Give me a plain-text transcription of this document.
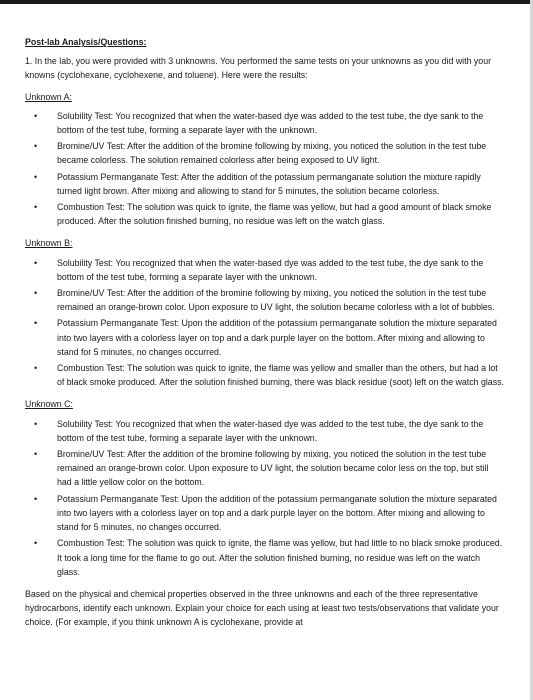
Post-lab Analysis/Questions:
1. In the lab, you were provided with 3 unknowns. You performed the same tests on your unknowns as you did with your knowns (cyclohexane, cyclohexene, and toluene). Here were the results:
Unknown A:
• Solubility Test: You recognized that when the water-based dye was added to the test tube, the dye sank to the bottom of the test tube, forming a separate layer with the unknown.
• Bromine/UV Test: After the addition of the bromine following by mixing, you noticed the solution in the test tube became colorless. The solution remained colorless after being exposed to UV light.
• Potassium Permanganate Test: After the addition of the potassium permanganate solution the mixture rapidly turned light brown. After mixing and allowing to stand for 5 minutes, the solution became colorless.
• Combustion Test: The solution was quick to ignite, the flame was yellow, but had a good amount of black smoke produced. After the solution finished burning, no residue was left on the watch glass.
Unknown B:
• Solubility Test: You recognized that when the water-based dye was added to the test tube, the dye sank to the bottom of the test tube, forming a separate layer with the unknown.
• Bromine/UV Test: After the addition of the bromine following by mixing, you noticed the solution in the test tube remained an orange-brown color. Upon exposure to UV light, the solution became colorless with a lot of bubbles.
• Potassium Permanganate Test: Upon the addition of the potassium permanganate solution the mixture separated into two layers with a colorless layer on top and a dark purple layer on the bottom. After mixing and allowing to stand for 5 minutes, no changes occurred.
• Combustion Test: The solution was quick to ignite, the flame was yellow and smaller than the others, but had a lot of black smoke produced. After the solution finished burning, there was black residue (soot) left on the watch glass.
Unknown C:
• Solubility Test: You recognized that when the water-based dye was added to the test tube, the dye sank to the bottom of the test tube, forming a separate layer with the unknown.
• Bromine/UV Test: After the addition of the bromine following by mixing, you noticed the solution in the test tube remained an orange-brown color. Upon exposure to UV light, the solution became color less on the top, but still had a little yellow color on the bottom.
• Potassium Permanganate Test: Upon the addition of the potassium permanganate solution the mixture separated into two layers with a colorless layer on top and a dark purple layer on the bottom. After mixing and allowing to stand for 5 minutes, no changes occurred.
• Combustion Test: The solution was quick to ignite, the flame was yellow, but had little to no black smoke produced. It took a long time for the flame to go out. After the solution finished burning, no residue was left on the watch glass.
Based on the physical and chemical properties observed in the three unknowns and each of the three representative hydrocarbons, identify each unknown. Explain your choice for each using at least two tests/observations that validate your choice. (For example, if you think unknown A is cyclohexane, provide at
